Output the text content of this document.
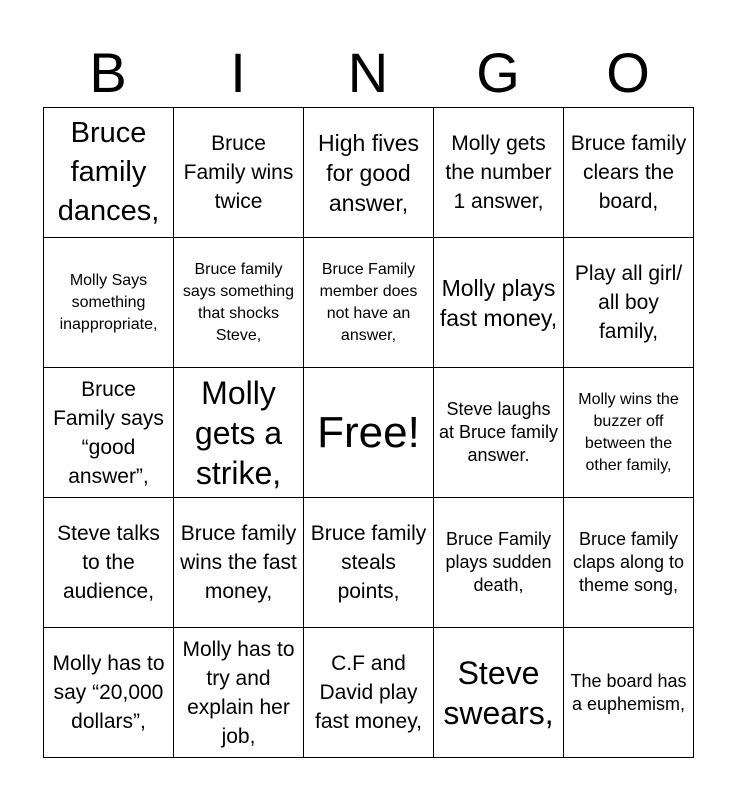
B	I	N	G	O
Bruce family dances,	Bruce Family wins twice	High fives for good answer,	Molly gets the number 1 answer,	Bruce family clears the board,
Molly Says something inappropriate,	Bruce family says something that shocks Steve,	Bruce Family member does not have an answer,	Molly plays fast money,	Play all girl/ all boy family,
Bruce Family says “good answer”,	Molly gets a strike,	Free!	Steve laughs at Bruce family answer.	Molly wins the buzzer off between the other family,
Steve talks to the audience,	Bruce family wins the fast money,	Bruce family steals points,	Bruce Family plays sudden death,	Bruce family claps along to theme song,
Molly has to say “20,000 dollars”,	Molly has to try and explain her job,	C.F and David play fast money,	Steve swears,	The board has a euphemism,
